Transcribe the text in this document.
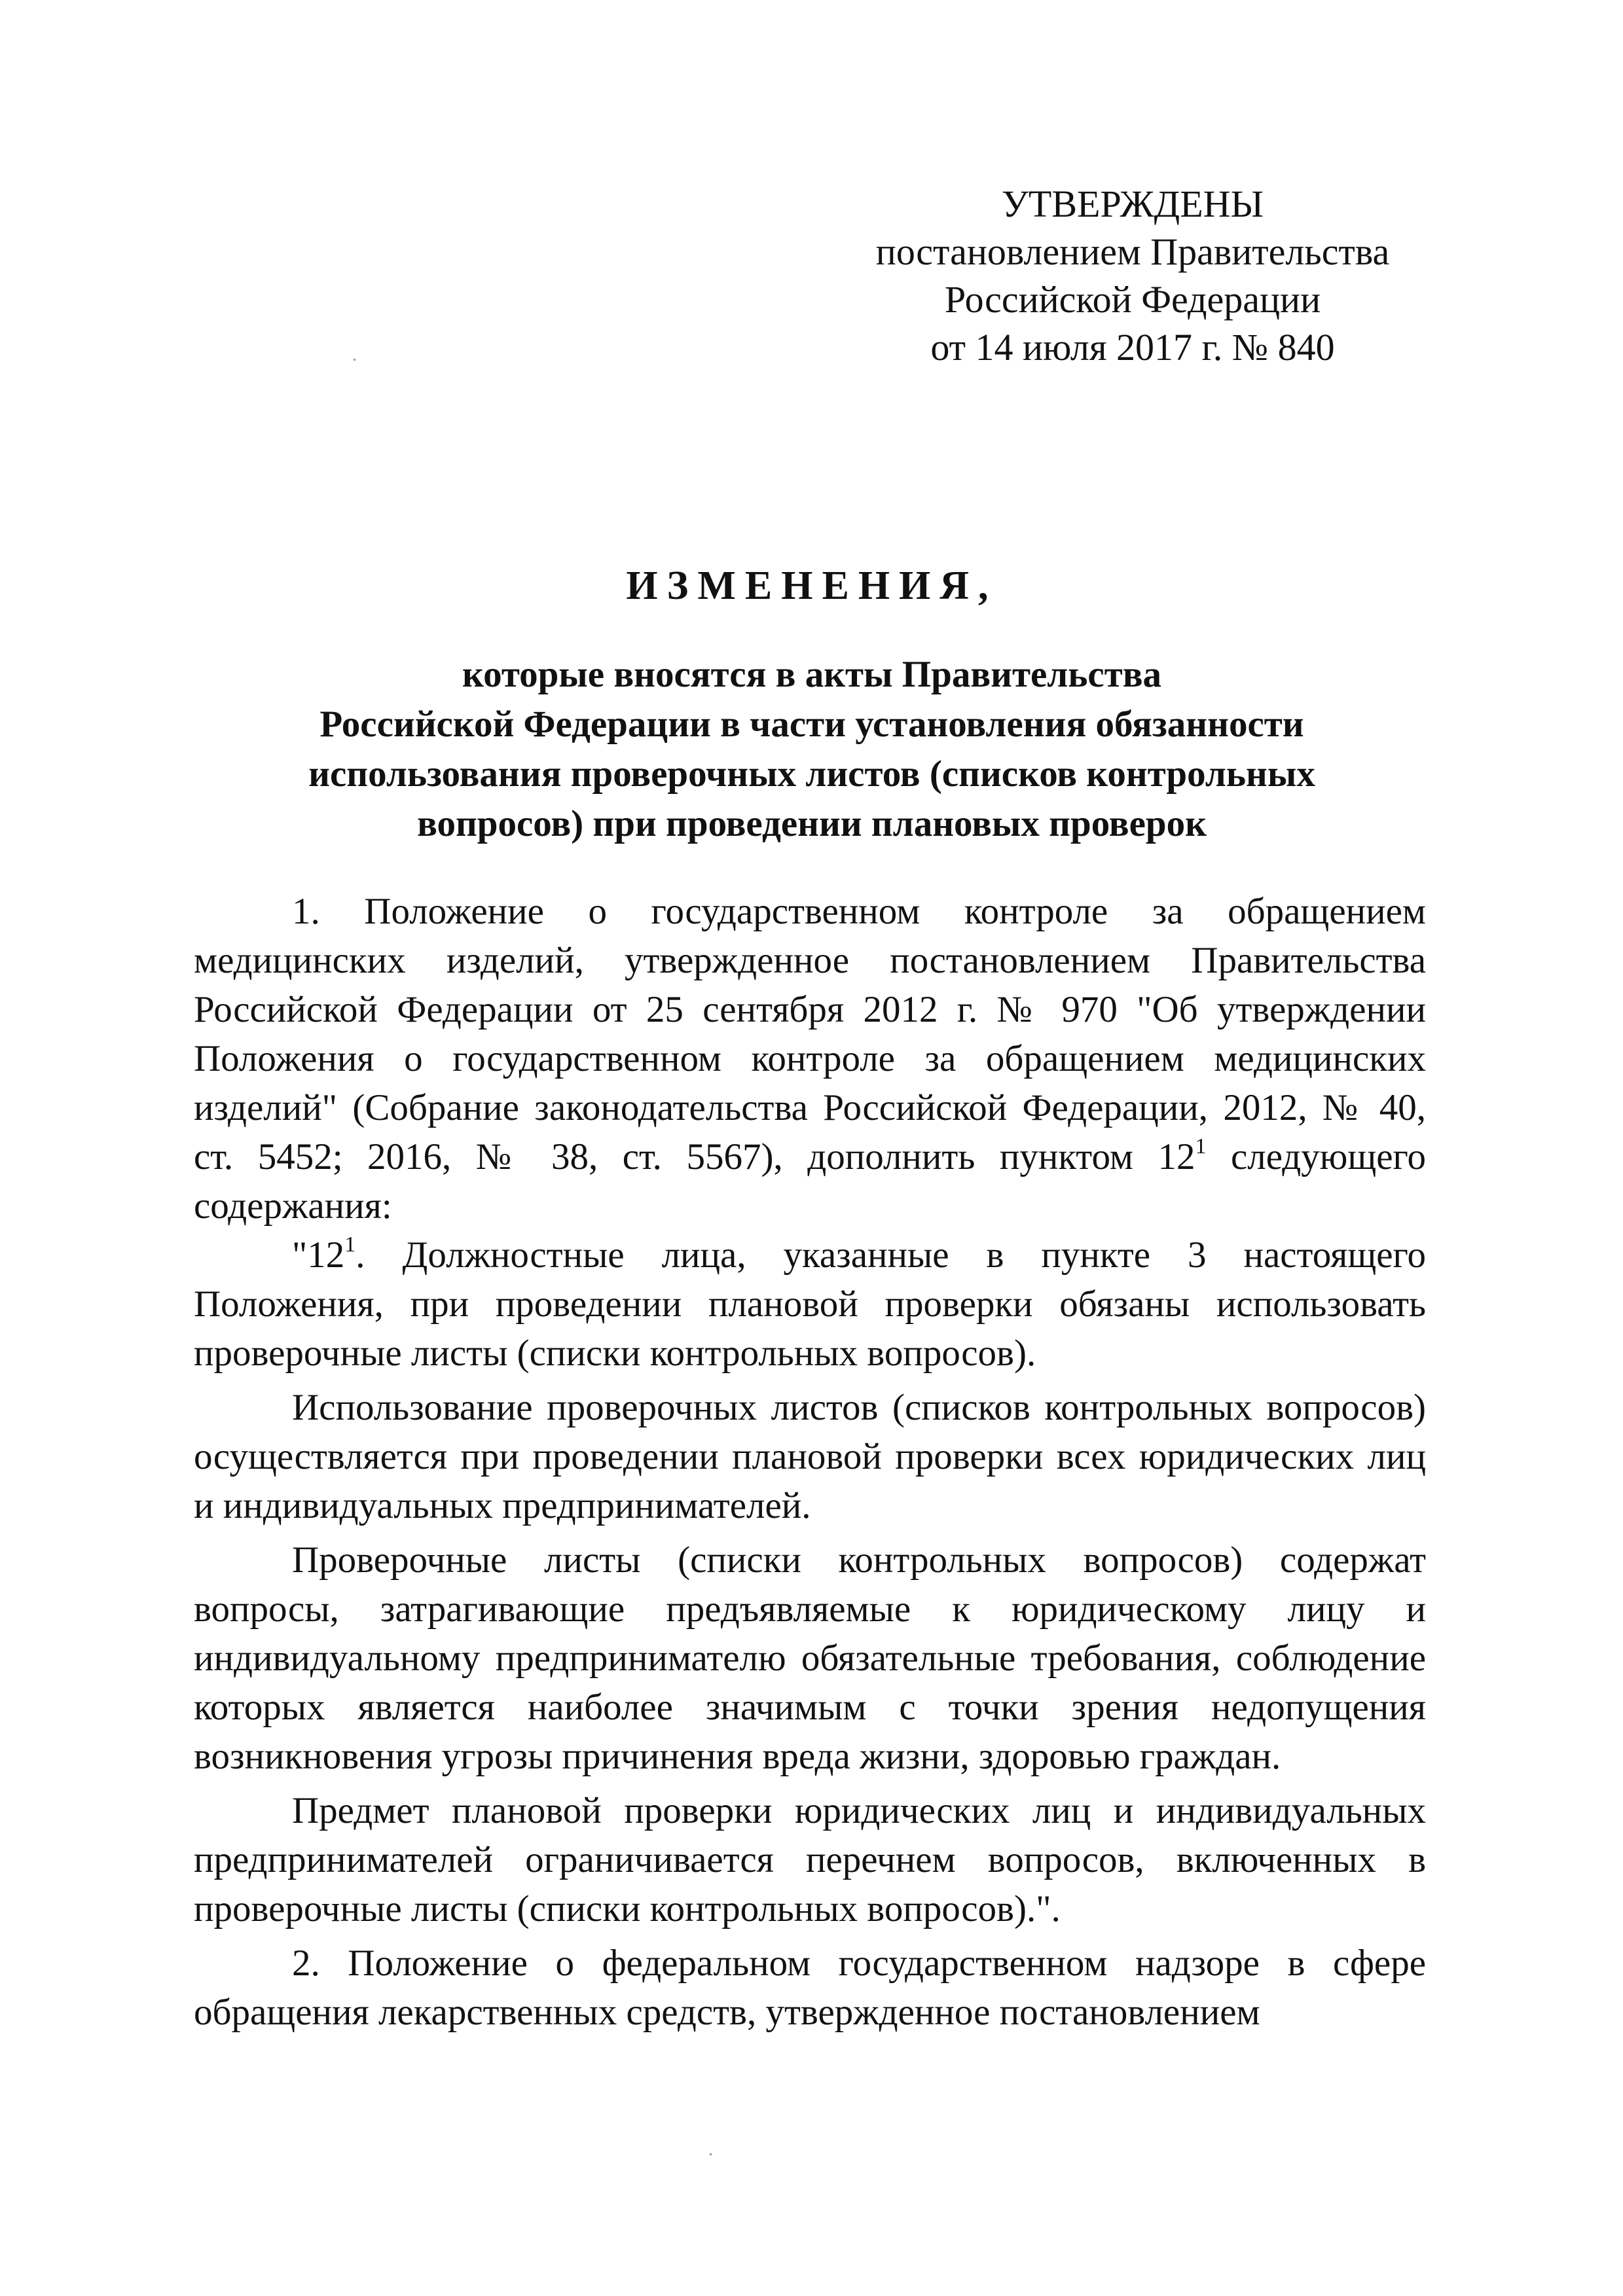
УТВЕРЖДЕНЫ
постановлением Правительства
Российской Федерации
от 14 июля 2017 г. № 840
ИЗМЕНЕНИЯ,
которые вносятся в акты Правительства
Российской Федерации в части установления обязанности
использования проверочных листов (списков контрольных
вопросов) при проведении плановых проверок

1. Положение о государственном контроле за обращением медицинских изделий, утвержденное постановлением Правительства Российской Федерации от 25 сентября 2012 г. № 970 "Об утверждении Положения о государственном контроле за обращением медицинских изделий" (Собрание законодательства Российской Федерации, 2012, № 40, ст. 5452; 2016, № 38, ст. 5567), дополнить пунктом $12^1$ следующего содержания:

"$12^1$. Должностные лица, указанные в пункте 3 настоящего Положения, при проведении плановой проверки обязаны использовать проверочные листы (списки контрольных вопросов).

Использование проверочных листов (списков контрольных вопросов) осуществляется при проведении плановой проверки всех юридических лиц и индивидуальных предпринимателей.

Проверочные листы (списки контрольных вопросов) содержат вопросы, затрагивающие предъявляемые к юридическому лицу и индивидуальному предпринимателю обязательные требования, соблюдение которых является наиболее значимым с точки зрения недопущения возникновения угрозы причинения вреда жизни, здоровью граждан.

Предмет плановой проверки юридических лиц и индивидуальных предпринимателей ограничивается перечнем вопросов, включенных в проверочные листы (списки контрольных вопросов).".

2. Положение о федеральном государственном надзоре в сфере обращения лекарственных средств, утвержденное постановлением
